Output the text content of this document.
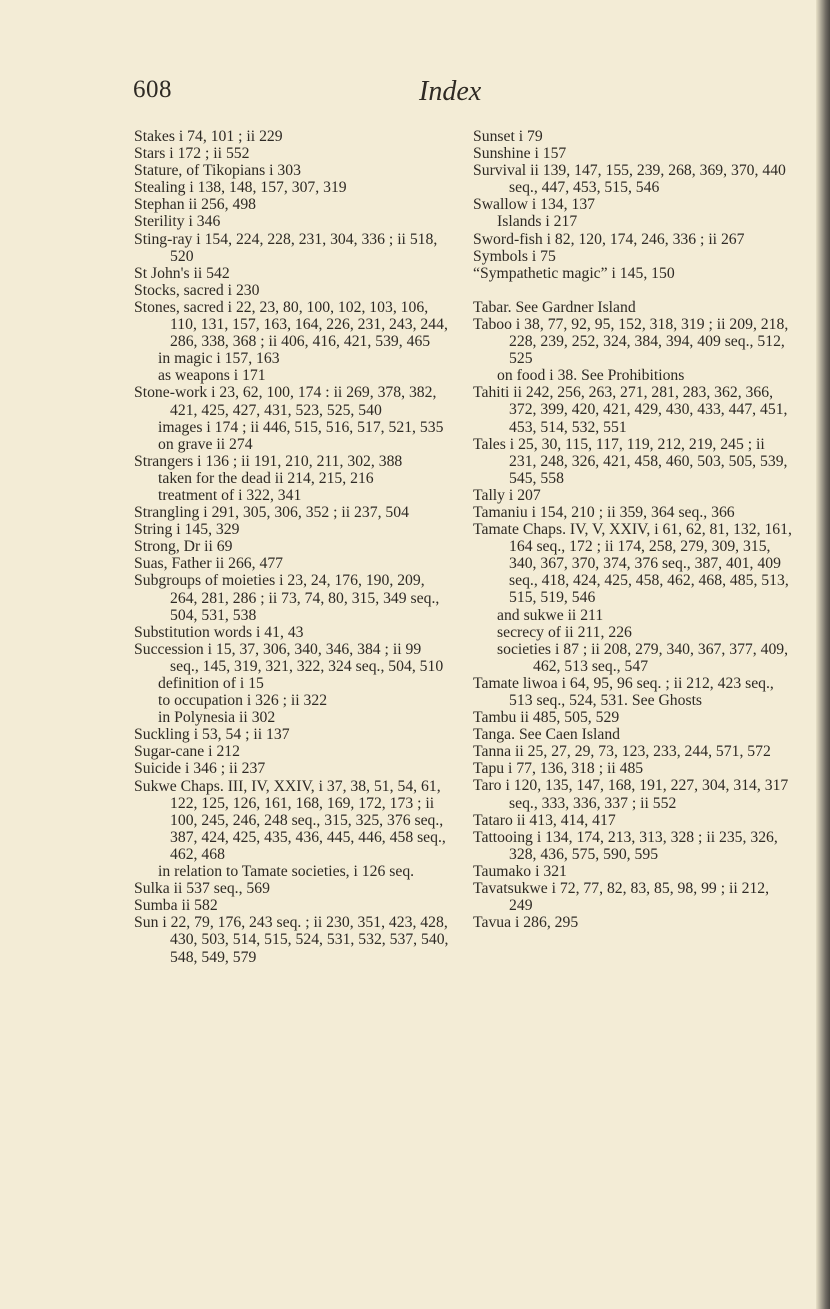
608	Index
Stakes i 74, 101 ; ii 229
Stars i 172 ; ii 552
Stature, of Tikopians i 303
Stealing i 138, 148, 157, 307, 319
Stephan ii 256, 498
Sterility i 346
Sting-ray i 154, 224, 228, 231, 304, 336 ; ii 518, 520
St John's ii 542
Stocks, sacred i 230
Stones, sacred i 22, 23, 80, 100, 102, 103, 106, 110, 131, 157, 163, 164, 226, 231, 243, 244, 286, 338, 368 ; ii 406, 416, 421, 539, 465
in magic i 157, 163
as weapons i 171
Stone-work i 23, 62, 100, 174 : ii 269, 378, 382, 421, 425, 427, 431, 523, 525, 540
images i 174 ; ii 446, 515, 516, 517, 521, 535
on grave ii 274
Strangers i 136 ; ii 191, 210, 211, 302, 388
taken for the dead ii 214, 215, 216
treatment of i 322, 341
Strangling i 291, 305, 306, 352 ; ii 237, 504
String i 145, 329
Strong, Dr ii 69
Suas, Father ii 266, 477
Subgroups of moieties i 23, 24, 176, 190, 209, 264, 281, 286 ; ii 73, 74, 80, 315, 349 seq., 504, 531, 538
Substitution words i 41, 43
Succession i 15, 37, 306, 340, 346, 384 ; ii 99 seq., 145, 319, 321, 322, 324 seq., 504, 510
definition of i 15
to occupation i 326 ; ii 322
in Polynesia ii 302
Suckling i 53, 54 ; ii 137
Sugar-cane i 212
Suicide i 346 ; ii 237
Sukwe Chaps. III, IV, XXIV, i 37, 38, 51, 54, 61, 122, 125, 126, 161, 168, 169, 172, 173 ; ii 100, 245, 246, 248 seq., 315, 325, 376 seq., 387, 424, 425, 435, 436, 445, 446, 458 seq., 462, 468
in relation to Tamate societies, i 126 seq.
Sulka ii 537 seq., 569
Sumba ii 582
Sun i 22, 79, 176, 243 seq. ; ii 230, 351, 423, 428, 430, 503, 514, 515, 524, 531, 532, 537, 540, 548, 549, 579
Sunset i 79
Sunshine i 157
Survival ii 139, 147, 155, 239, 268, 369, 370, 440 seq., 447, 453, 515, 546
Swallow i 134, 137
Islands i 217
Sword-fish i 82, 120, 174, 246, 336 ; ii 267
Symbols i 75
“Sympathetic magic” i 145, 150
Tabar. See Gardner Island
Taboo i 38, 77, 92, 95, 152, 318, 319 ; ii 209, 218, 228, 239, 252, 324, 384, 394, 409 seq., 512, 525
on food i 38. See Prohibitions
Tahiti ii 242, 256, 263, 271, 281, 283, 362, 366, 372, 399, 420, 421, 429, 430, 433, 447, 451, 453, 514, 532, 551
Tales i 25, 30, 115, 117, 119, 212, 219, 245 ; ii 231, 248, 326, 421, 458, 460, 503, 505, 539, 545, 558
Tally i 207
Tamaniu i 154, 210 ; ii 359, 364 seq., 366
Tamate Chaps. IV, V, XXIV, i 61, 62, 81, 132, 161, 164 seq., 172 ; ii 174, 258, 279, 309, 315, 340, 367, 370, 374, 376 seq., 387, 401, 409 seq., 418, 424, 425, 458, 462, 468, 485, 513, 515, 519, 546
and sukwe ii 211
secrecy of ii 211, 226
societies i 87 ; ii 208, 279, 340, 367, 377, 409, 462, 513 seq., 547
Tamate liwoa i 64, 95, 96 seq. ; ii 212, 423 seq., 513 seq., 524, 531. See Ghosts
Tambu ii 485, 505, 529
Tanga. See Caen Island
Tanna ii 25, 27, 29, 73, 123, 233, 244, 571, 572
Tapu i 77, 136, 318 ; ii 485
Taro i 120, 135, 147, 168, 191, 227, 304, 314, 317 seq., 333, 336, 337 ; ii 552
Tataro ii 413, 414, 417
Tattooing i 134, 174, 213, 313, 328 ; ii 235, 326, 328, 436, 575, 590, 595
Taumako i 321
Tavatsukwe i 72, 77, 82, 83, 85, 98, 99 ; ii 212, 249
Tavua i 286, 295
